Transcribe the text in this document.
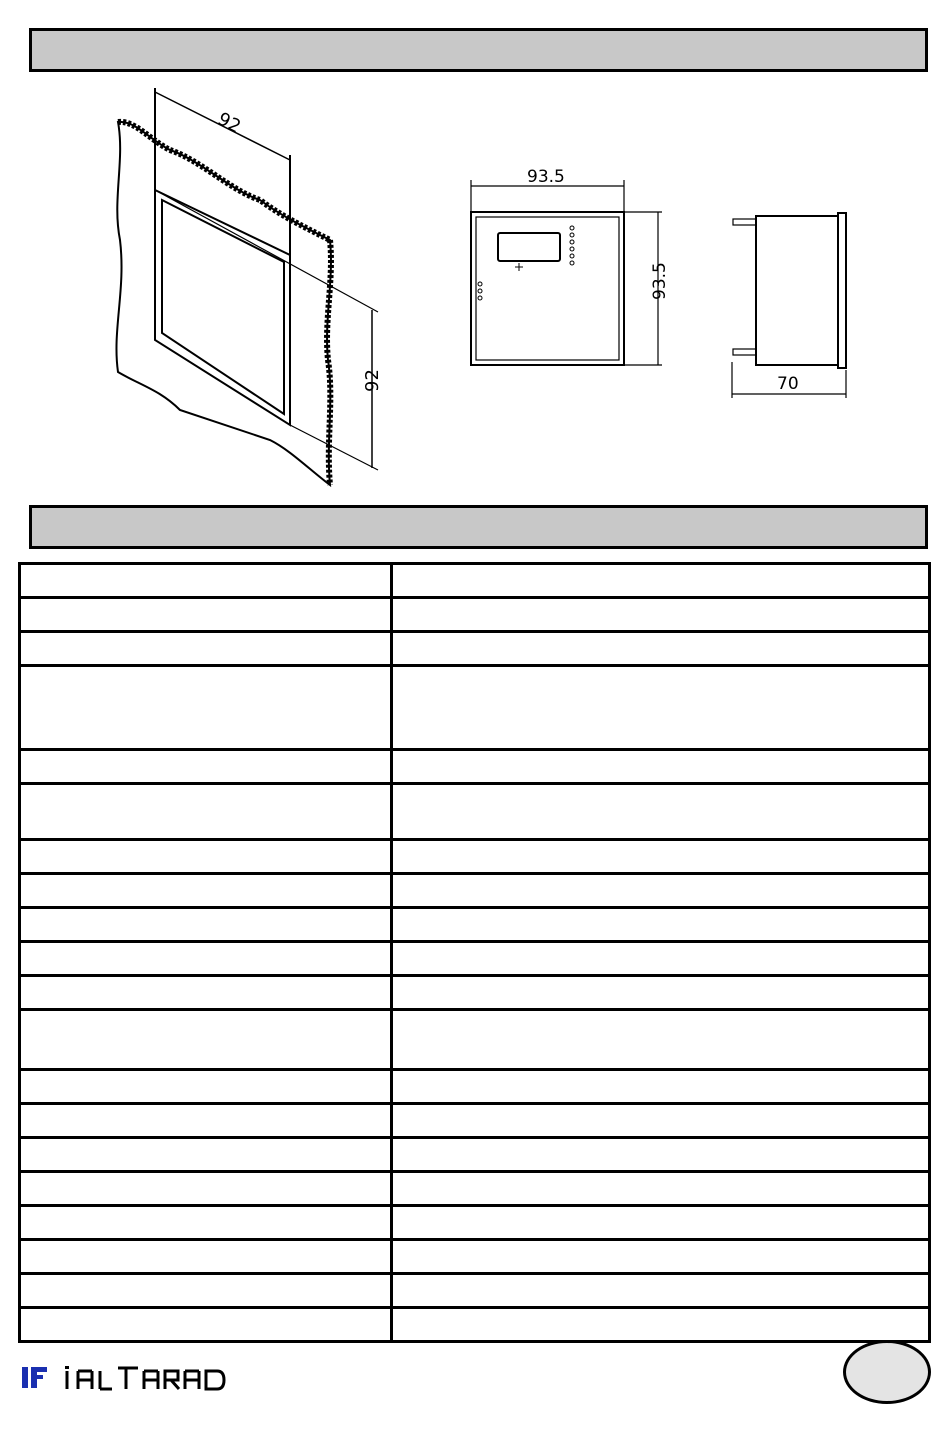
92
92
93.5
93.5
70
